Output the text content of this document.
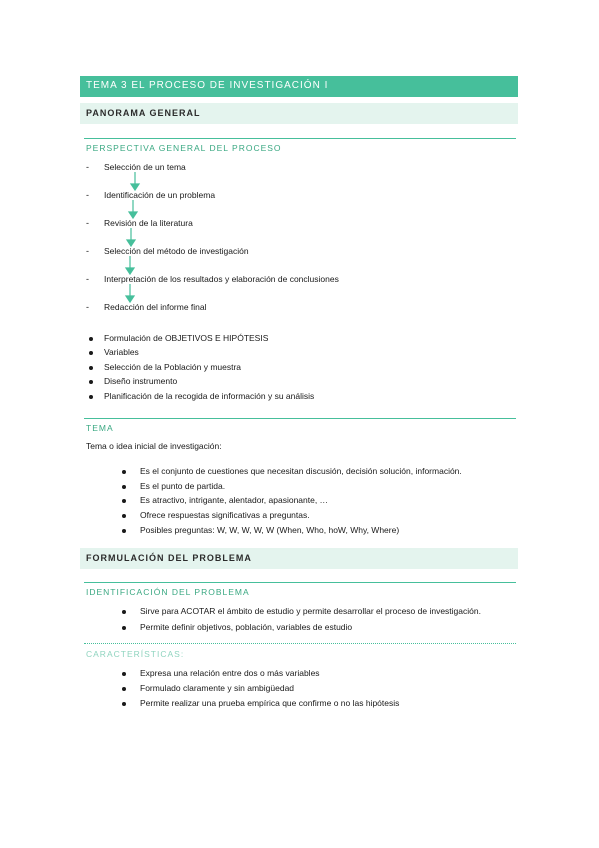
TEMA 3 EL PROCESO DE INVESTIGACIÓN I
PANORAMA GENERAL
PERSPECTIVA GENERAL DEL PROCESO
- Selección de un tema
- Identificación de un problema
- Revisión de la literatura
- Selección del método de investigación
- Interpretación de los resultados y elaboración de conclusiones
- Redacción del informe final
Formulación de OBJETIVOS E HIPÓTESIS
Variables
Selección de la Población y muestra
Diseño instrumento
Planificación de la recogida de información y su análisis
TEMA
Tema o idea inicial de investigación:
Es el conjunto de cuestiones que necesitan discusión, decisión solución, información.
Es el punto de partida.
Es atractivo, intrigante, alentador, apasionante, …
Ofrece respuestas significativas a preguntas.
Posibles preguntas: W, W, W, W, W (When, Who, hoW, Why, Where)
FORMULACIÓN DEL PROBLEMA
IDENTIFICACIÓN DEL PROBLEMA
Sirve para ACOTAR el ámbito de estudio y permite desarrollar el proceso de investigación.
Permite definir objetivos, población, variables de estudio
CARACTERÍSTICAS:
Expresa una relación entre dos o más variables
Formulado claramente y sin ambigüedad
Permite realizar una prueba empírica que confirme o no las hipótesis
